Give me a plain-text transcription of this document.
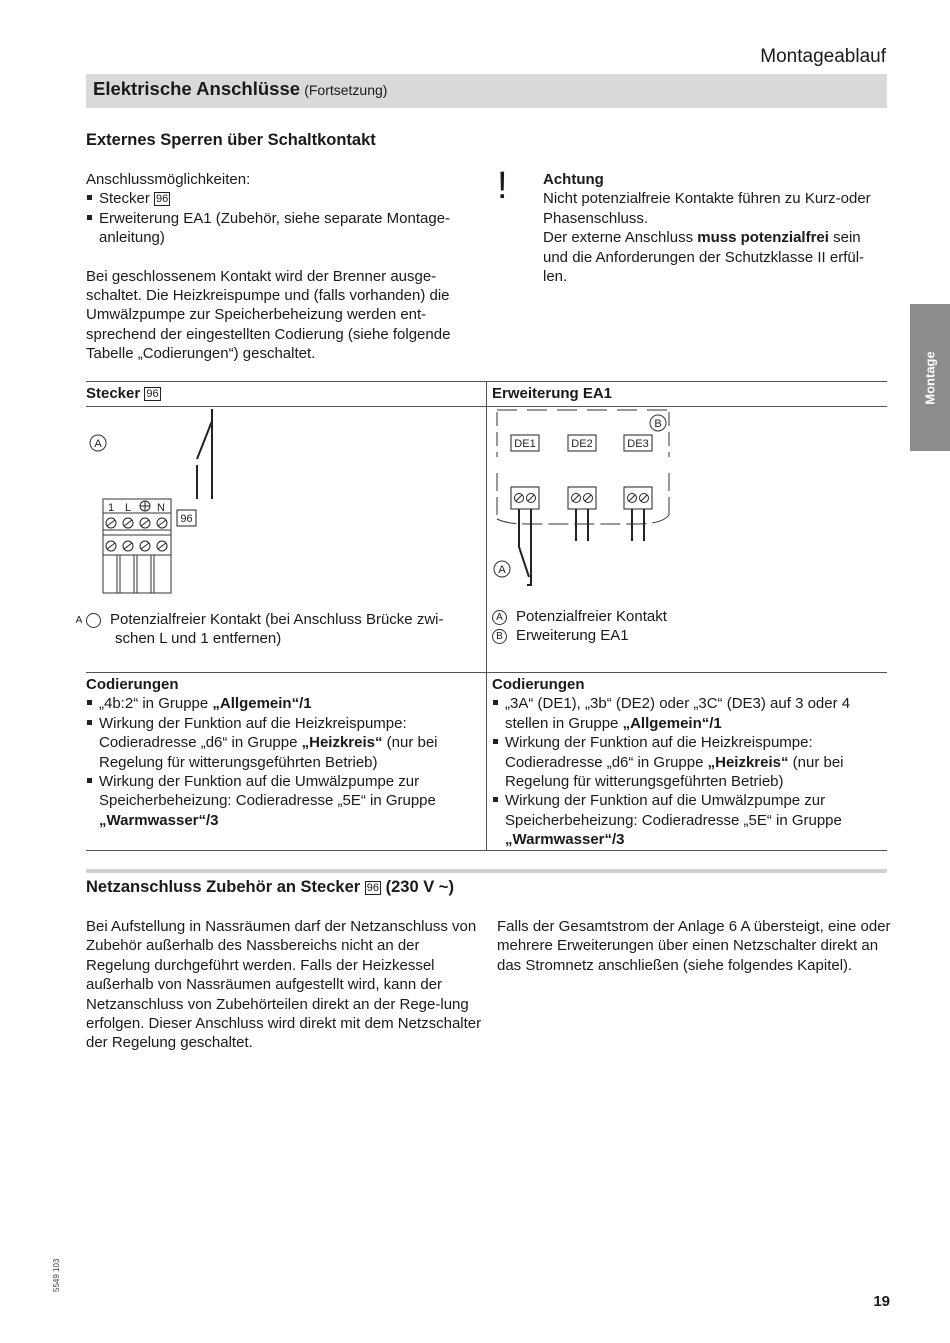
Montageablauf
Elektrische Anschlüsse (Fortsetzung)
Externes Sperren über Schaltkontakt
Anschlussmöglichkeiten:
Stecker 96
Erweiterung EA1 (Zubehör, siehe separate Montage-anleitung)
Bei geschlossenem Kontakt wird der Brenner ausge-schaltet. Die Heizkreispumpe und (falls vorhanden) die Umwälzpumpe zur Speicherbeheizung werden ent-sprechend der eingestellten Codierung (siehe folgende Tabelle „Codierungen“) geschaltet.
! Achtung
Nicht potenzialfreie Kontakte führen zu Kurz-oder Phasenschluss.
Der externe Anschluss muss potenzialfrei sein und die Anforderungen der Schutzklasse II erfül-len.
Stecker 96	Erweiterung EA1
A
1 L N
96
B
DE1	DE2	DE3
A
A Potenzialfreier Kontakt (bei Anschluss Brücke zwi-schen L und 1 entfernen)
A Potenzialfreier Kontakt
B Erweiterung EA1
Codierungen
„4b:2“ in Gruppe „Allgemein“/1
Wirkung der Funktion auf die Heizkreispumpe: Codieradresse „d6“ in Gruppe „Heizkreis“ (nur bei Regelung für witterungsgeführten Betrieb)
Wirkung der Funktion auf die Umwälzpumpe zur Speicherbeheizung: Codieradresse „5E“ in Gruppe „Warmwasser“/3
Codierungen
„3A“ (DE1), „3b“ (DE2) oder „3C“ (DE3) auf 3 oder 4 stellen in Gruppe „Allgemein“/1
Wirkung der Funktion auf die Heizkreispumpe: Codieradresse „d6“ in Gruppe „Heizkreis“ (nur bei Regelung für witterungsgeführten Betrieb)
Wirkung der Funktion auf die Umwälzpumpe zur Speicherbeheizung: Codieradresse „5E“ in Gruppe „Warmwasser“/3
Netzanschluss Zubehör an Stecker 96 (230 V ~)
Bei Aufstellung in Nassräumen darf der Netzanschluss von Zubehör außerhalb des Nassbereichs nicht an der Regelung durchgeführt werden. Falls der Heizkessel außerhalb von Nassräumen aufgestellt wird, kann der Netzanschluss von Zubehörteilen direkt an der Rege-lung erfolgen. Dieser Anschluss wird direkt mit dem Netzschalter der Regelung geschaltet.
Falls der Gesamtstrom der Anlage 6 A übersteigt, eine oder mehrere Erweiterungen über einen Netzschalter direkt an das Stromnetz anschließen (siehe folgendes Kapitel).
Montage
5549 103
19
